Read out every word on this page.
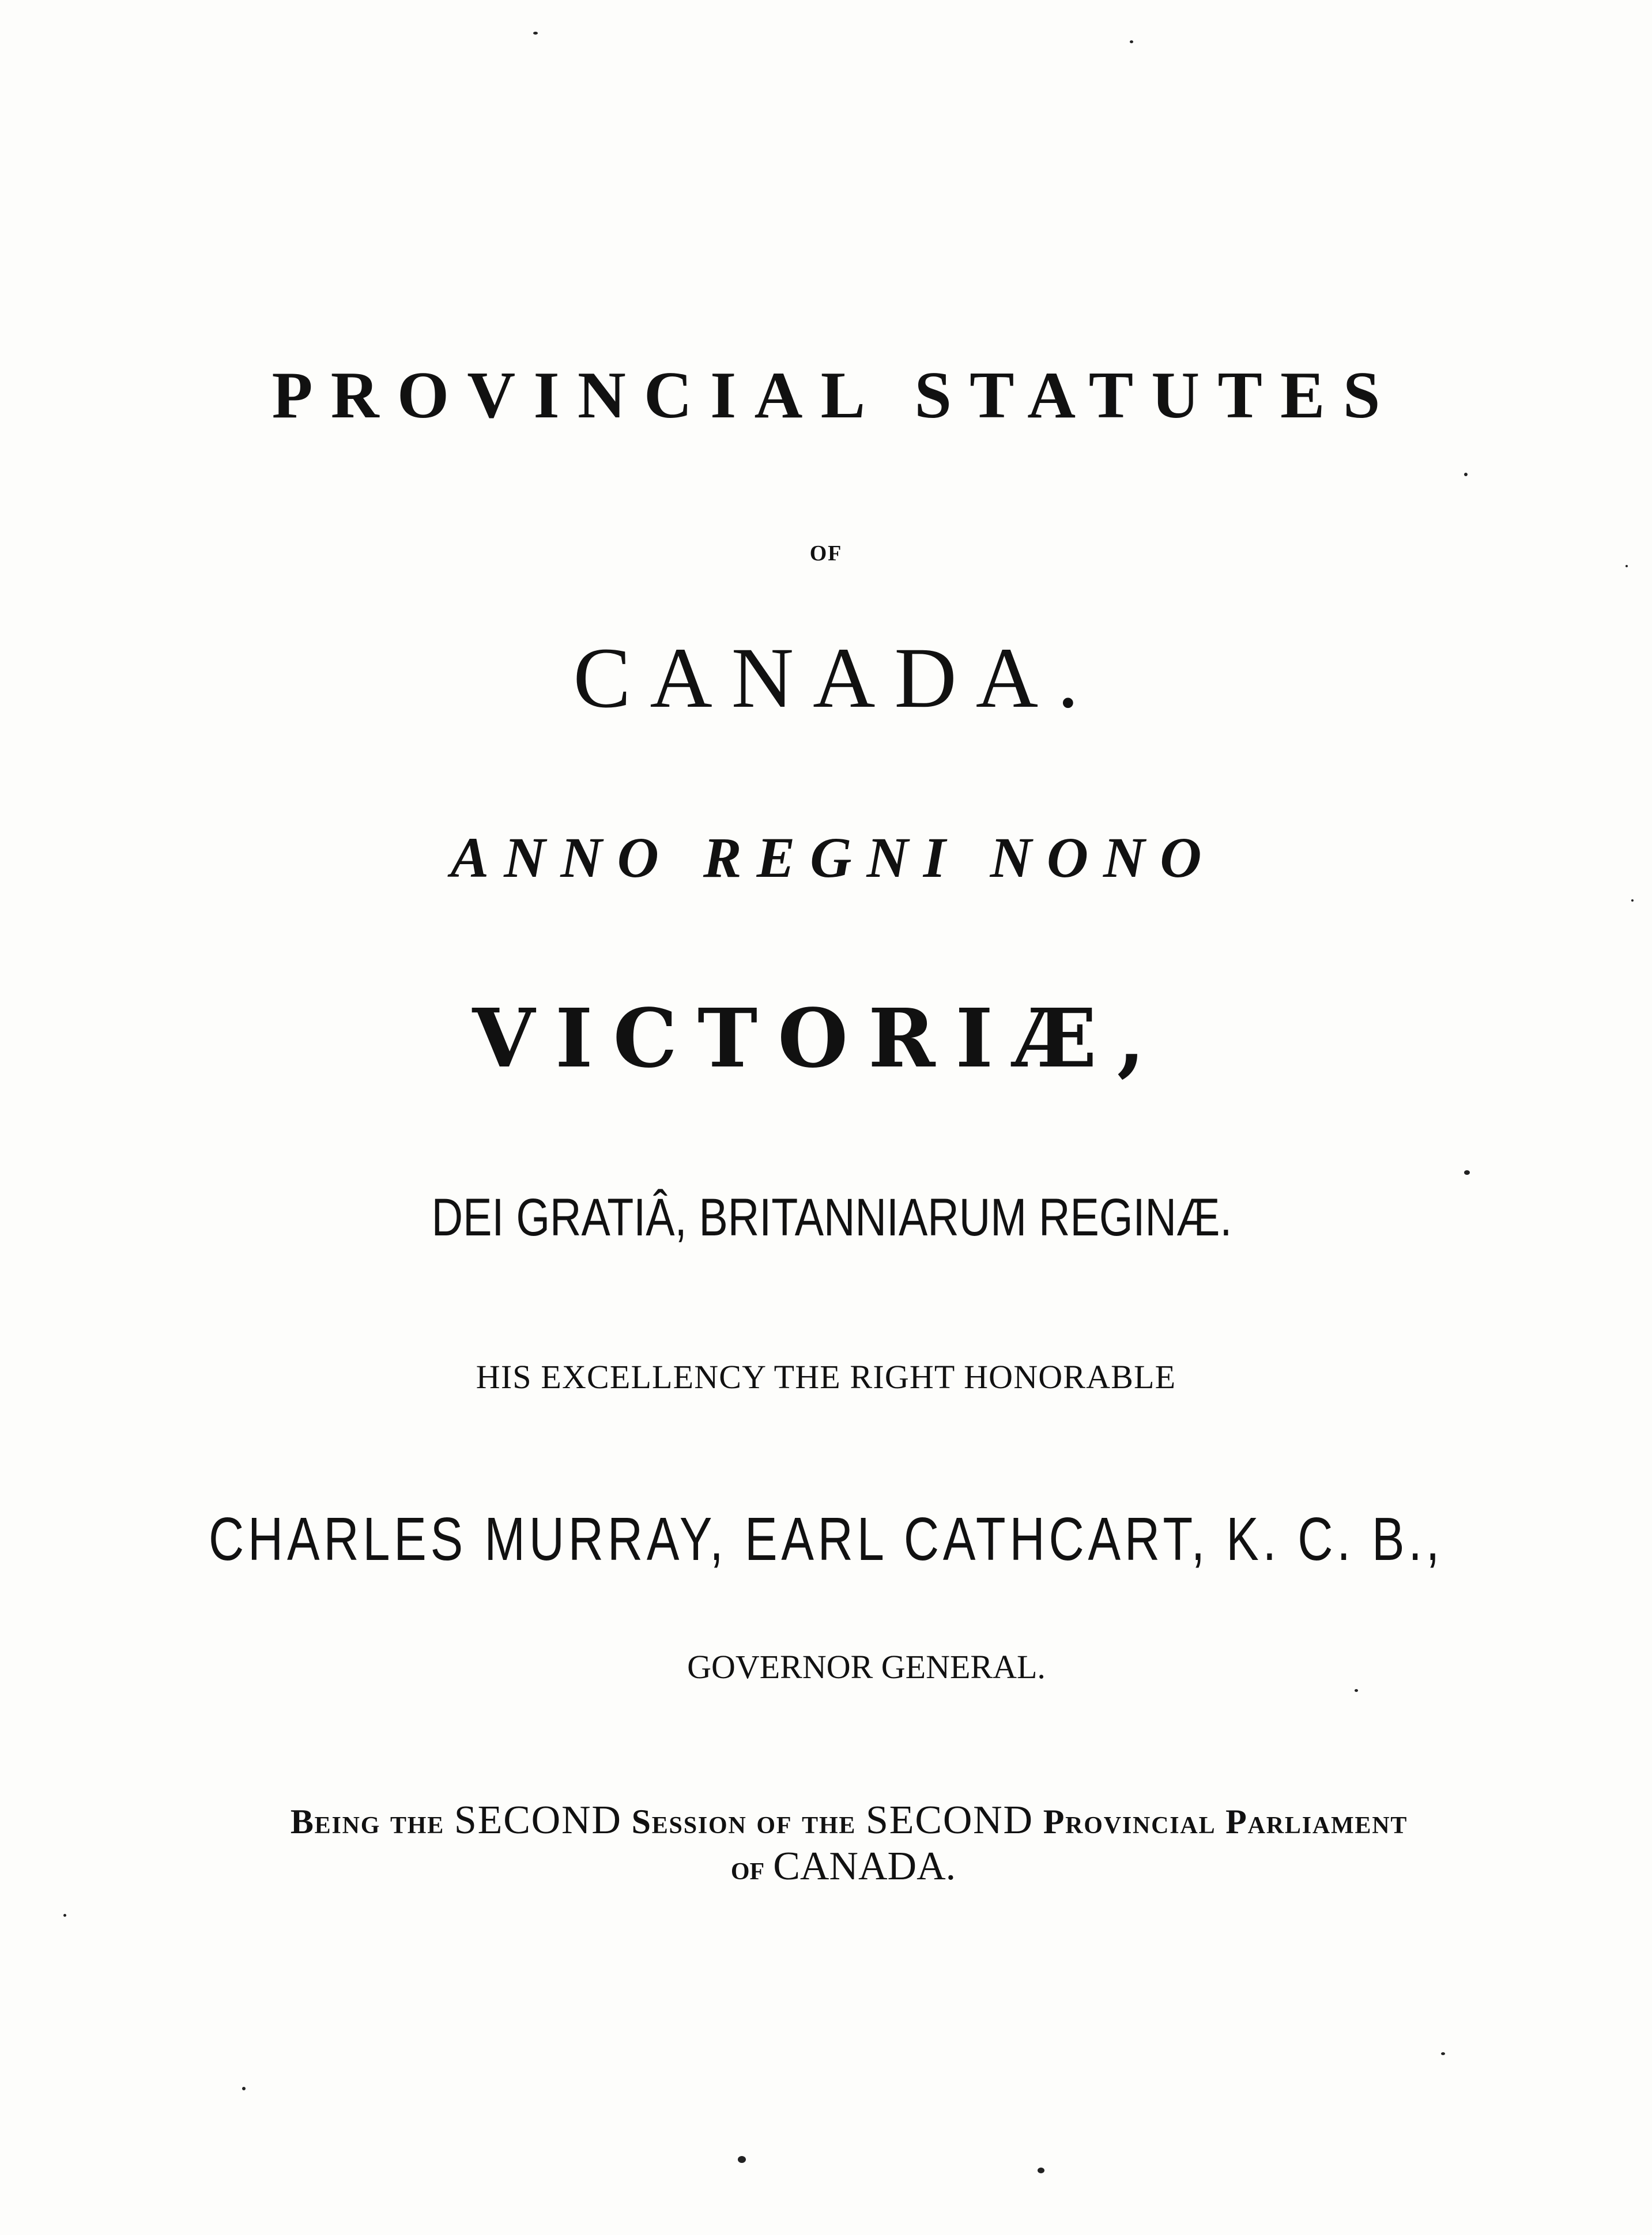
PROVINCIAL STATUTES
OF
CANADA.
ANNO REGNI NONO
VICTORIÆ,
DEI GRATIÂ, BRITANNIARUM REGINÆ.
HIS EXCELLENCY THE RIGHT HONORABLE
CHARLES MURRAY, EARL CATHCART, K. C. B.,
GOVERNOR GENERAL.
Being the SECOND Session of the SECOND Provincial Parliament
of CANADA.
